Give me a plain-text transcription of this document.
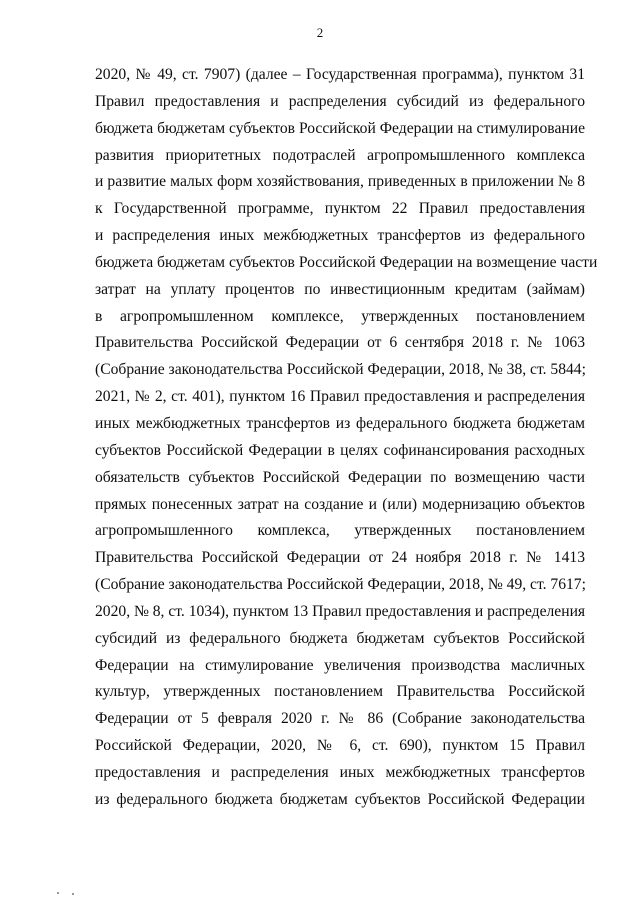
2
2020, № 49, ст. 7907) (далее – Государственная программа), пунктом 31
Правил предоставления и распределения субсидий из федерального
бюджета бюджетам субъектов Российской Федерации на стимулирование
развития приоритетных подотраслей агропромышленного комплекса
и развитие малых форм хозяйствования, приведенных в приложении № 8
к Государственной программе, пунктом 22 Правил предоставления
и распределения иных межбюджетных трансфертов из федерального
бюджета бюджетам субъектов Российской Федерации на возмещение части
затрат на уплату процентов по инвестиционным кредитам (займам)
в агропромышленном комплексе, утвержденных постановлением
Правительства Российской Федерации от 6 сентября 2018 г. № 1063
(Собрание законодательства Российской Федерации, 2018, № 38, ст. 5844;
2021, № 2, ст. 401), пунктом 16 Правил предоставления и распределения
иных межбюджетных трансфертов из федерального бюджета бюджетам
субъектов Российской Федерации в целях софинансирования расходных
обязательств субъектов Российской Федерации по возмещению части
прямых понесенных затрат на создание и (или) модернизацию объектов
агропромышленного комплекса, утвержденных постановлением
Правительства Российской Федерации от 24 ноября 2018 г. № 1413
(Собрание законодательства Российской Федерации, 2018, № 49, ст. 7617;
2020, № 8, ст. 1034), пунктом 13 Правил предоставления и распределения
субсидий из федерального бюджета бюджетам субъектов Российской
Федерации на стимулирование увеличения производства масличных
культур, утвержденных постановлением Правительства Российской
Федерации от 5 февраля 2020 г. № 86 (Собрание законодательства
Российской Федерации, 2020, № 6, ст. 690), пунктом 15 Правил
предоставления и распределения иных межбюджетных трансфертов
из федерального бюджета бюджетам субъектов Российской Федерации
